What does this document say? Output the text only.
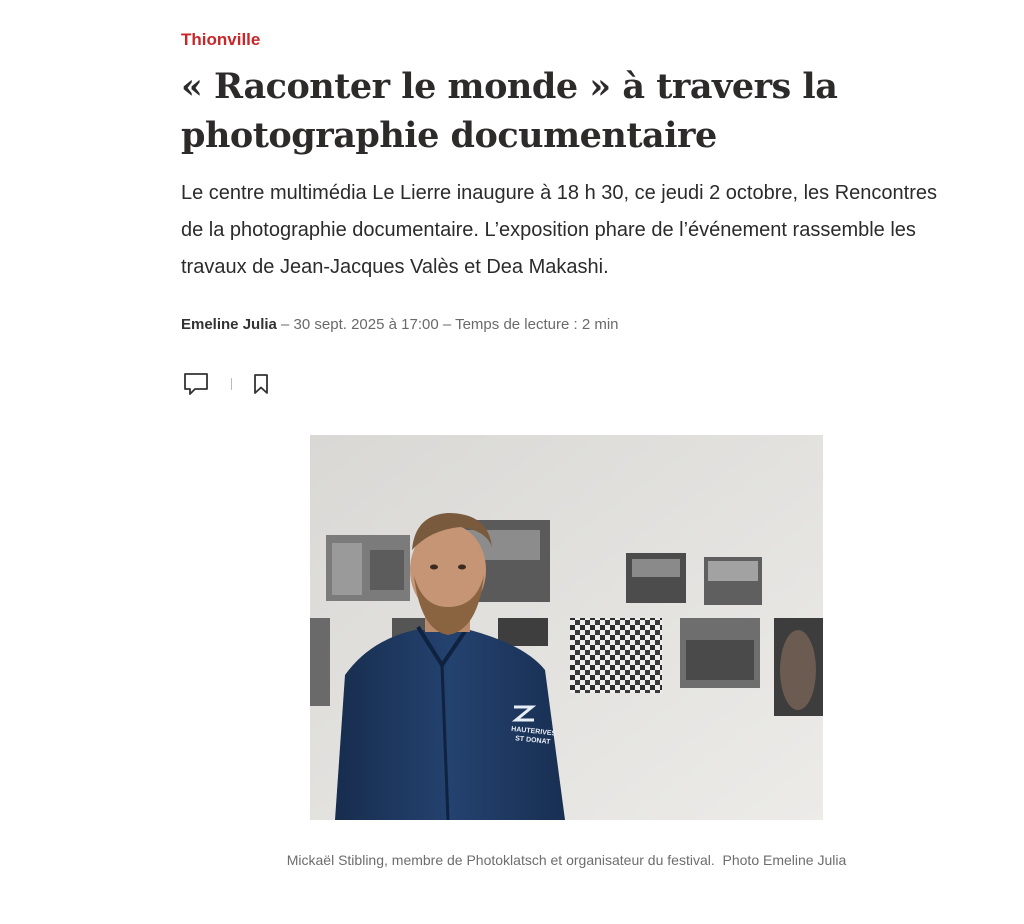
Thionville
« Raconter le monde » à travers la photographie documentaire

Le centre multimédia Le Lierre inaugure à 18 h 30, ce jeudi 2 octobre, les Rencontres de la photographie documentaire. L’exposition phare de l’événement rassemble les travaux de Jean-Jacques Valès et Dea Makashi.

Emeline Julia – 30 sept. 2025 à 17:00 – Temps de lecture : 2 min
HAUTERIVES
ST DONAT
Mickaël Stibling, membre de Photoklatsch et organisateur du festival. Photo Emeline Julia
